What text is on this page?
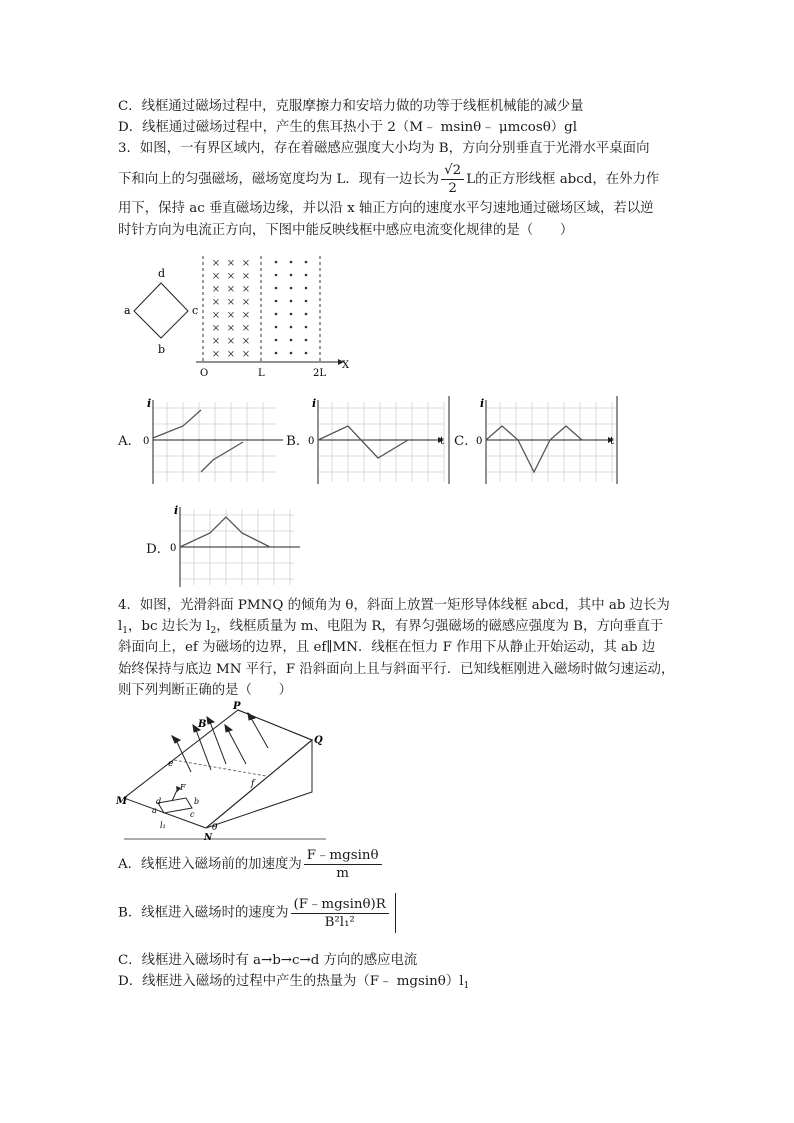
C．线框通过磁场过程中，克服摩擦力和安培力做的功等于线框机械能的减少量
D．线框通过磁场过程中，产生的焦耳热小于 2（M﹣ msinθ﹣ μmcosθ）gl
3．如图，一有界区域内，存在着磁感应强度大小均为 B，方向分别垂直于光滑水平桌面向
下和向上的匀强磁场，磁场宽度均为 L．现有一边长为 $\frac{√2}{2}$ L的正方形线框 abcd，在外力作
用下，保持 ac 垂直磁场边缘，并以沿 x 轴正方向的速度水平匀速地通过磁场区域，若以逆
时针方向为电流正方向，下图中能反映线框中感应电流变化规律的是（　　）
d
a	c
b
× × ×
× × ×
× × ×
× × ×
× × ×
× × ×
× × ×
× × ×
O	L	2L
X
A．
i
0	B．
i
0	t C．
i
0	t
D．
i
0
4．如图，光滑斜面 PMNQ 的倾角为 θ，斜面上放置一矩形导体线框 abcd，其中 ab 边长为
$l_1$，bc 边长为 $l_2$，线框质量为 m、电阻为 R，有界匀强磁场的磁感应强度为 B，方向垂直于
斜面向上，ef 为磁场的边界，且 ef∥MN．线框在恒力 F 作用下从静止开始运动，其 ab 边
始终保持与底边 MN 平行，F 沿斜面向上且与斜面平行．已知线框刚进入磁场时做匀速运动，
则下列判断正确的是（　　）
P
Q
M
N
B
e
f
a
b
c
d
F
l₁	θ
A．线框进入磁场前的加速度为 $\frac{F﹣mgsin\theta}{m}$
B．线框进入磁场时的速度为 $\frac{(F﹣mgsin\theta)R}{\text{B²l₁²}}$
C．线框进入磁场时有 a→b→c→d 方向的感应电流
D．线框进入磁场的过程中产生的热量为（F﹣ $mgsin\theta)l_1$
